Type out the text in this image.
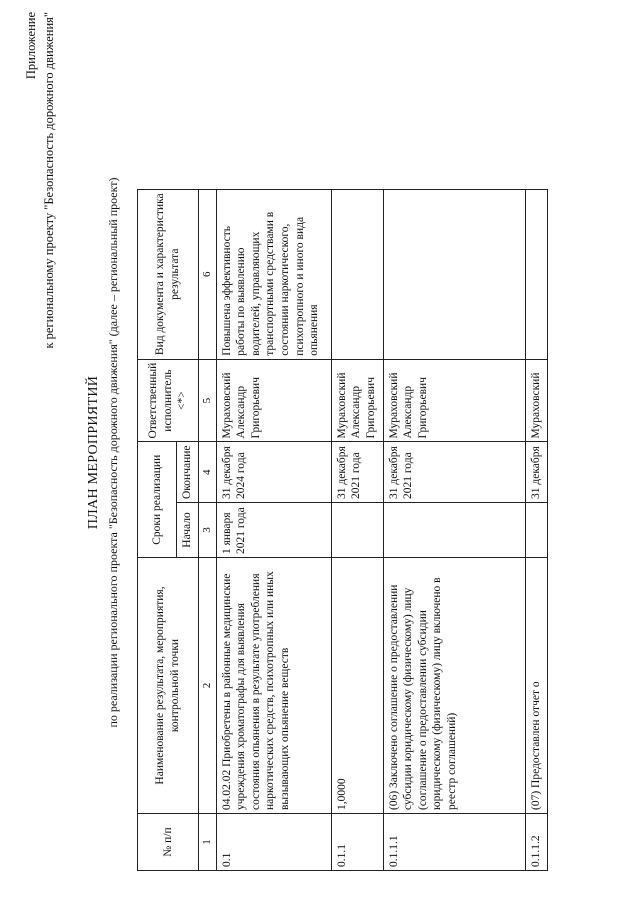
Приложение к региональному проекту "Безопасность дорожного движения"
ПЛАН МЕРОПРИЯТИЙ по реализации регионального проекта "Безопасность дорожного движения" (далее – региональный проект)
№ п/п	Наименование результата, мероприятия, контрольной точки	Сроки реализации		Ответственный исполнитель <*>	Вид документа и характеристика результата
		Начало	Окончание		
1	2	3	4	5	6
0.1	04.02.02 Приобретены в районные медицинские учреждения хроматографы для выявления состояния опьянения в результате употребления наркотических средств, психотропных или иных вызывающих опьянение веществ	1 января 2021 года	31 декабря 2024 года	Мураховский Александр Григорьевич	Повышена эффективность работы по выявлению водителей, управляющих транспортными средствами в состоянии наркотического, психотропного и иного вида опьянения
0.1.1	1,0000		31 декабря 2021 года	Мураховский Александр Григорьевич	
0.1.1.1	(06) Заключено соглашение о предоставлении субсидии юридическому (физическому) лицу (соглашение о предоставлении субсидии юридическому (физическому) лицу включено в реестр соглашений)		31 декабря 2021 года	Мураховский Александр Григорьевич	
0.1.1.2	(07) Предоставлен отчет о		31 декабря	Мураховский	
